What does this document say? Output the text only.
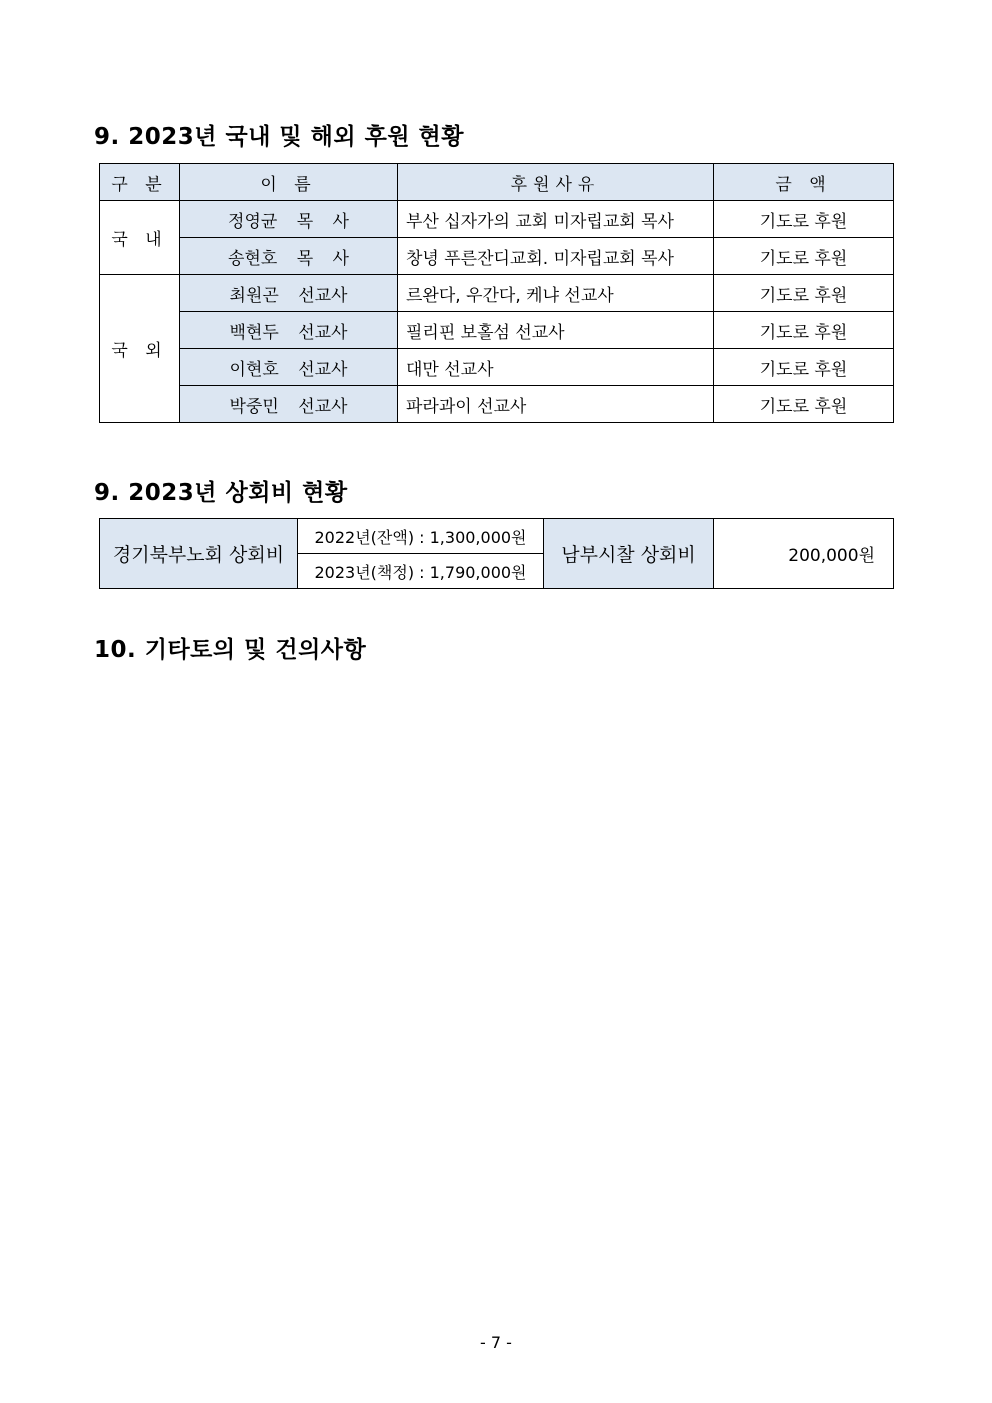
9. 2023년 국내 및 해외 후원 현황
구 분	이 름	후원사유	금 액
국 내	정영균 목 사	부산 십자가의 교회 미자립교회 목사	기도로 후원
	송현호 목 사	창녕 푸른잔디교회. 미자립교회 목사	기도로 후원
국 외	최원곤 선교사	르완다, 우간다, 케냐 선교사	기도로 후원
	백현두 선교사	필리핀 보홀섬 선교사	기도로 후원
	이현호 선교사	대만 선교사	기도로 후원
	박중민 선교사	파라과이 선교사	기도로 후원
9. 2023년 상회비 현황
경기북부노회 상회비	2022년(잔액) : 1,300,000원	남부시찰 상회비	200,000원
2023년(책정) : 1,790,000원
10. 기타토의 및 건의사항
- 7 -
